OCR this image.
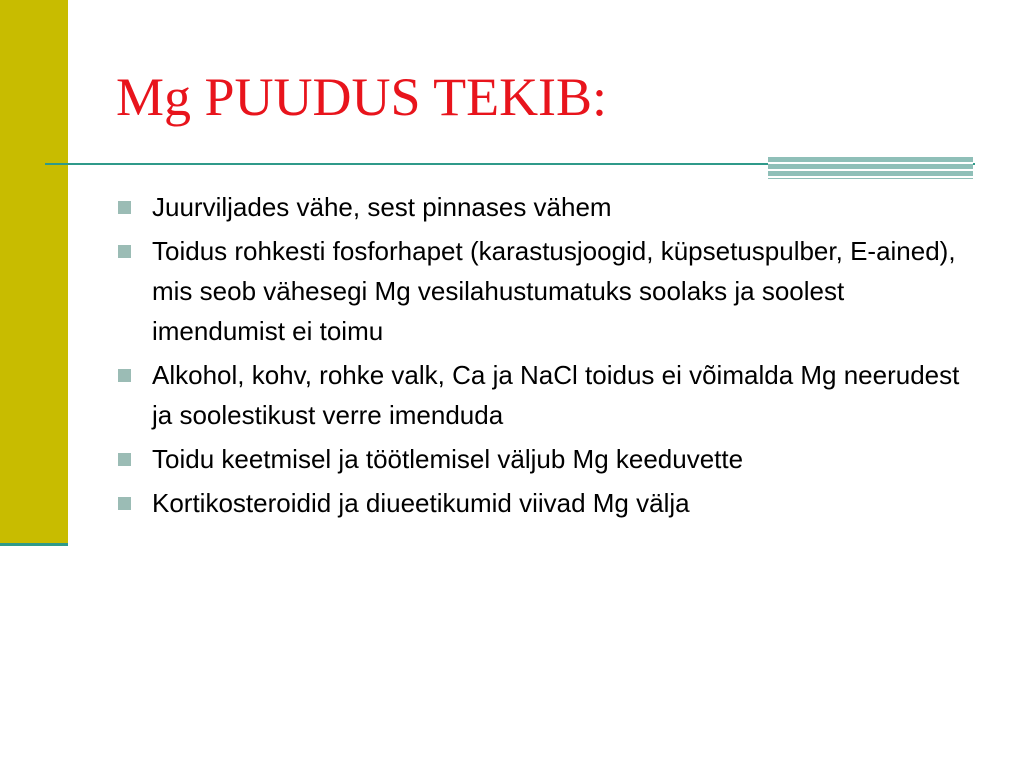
Mg PUUDUS TEKIB:
Juurviljades vähe, sest pinnases vähem
Toidus rohkesti fosforhapet (karastusjoogid, küpsetuspulber, E-ained), mis seob vähesegi Mg vesilahustumatuks soolaks ja soolest imendumist ei toimu
Alkohol, kohv, rohke valk, Ca ja NaCl toidus ei võimalda Mg neerudest ja soolestikust verre imenduda
Toidu keetmisel ja töötlemisel väljub Mg keeduvette
Kortikosteroidid ja diueetikumid viivad Mg välja
